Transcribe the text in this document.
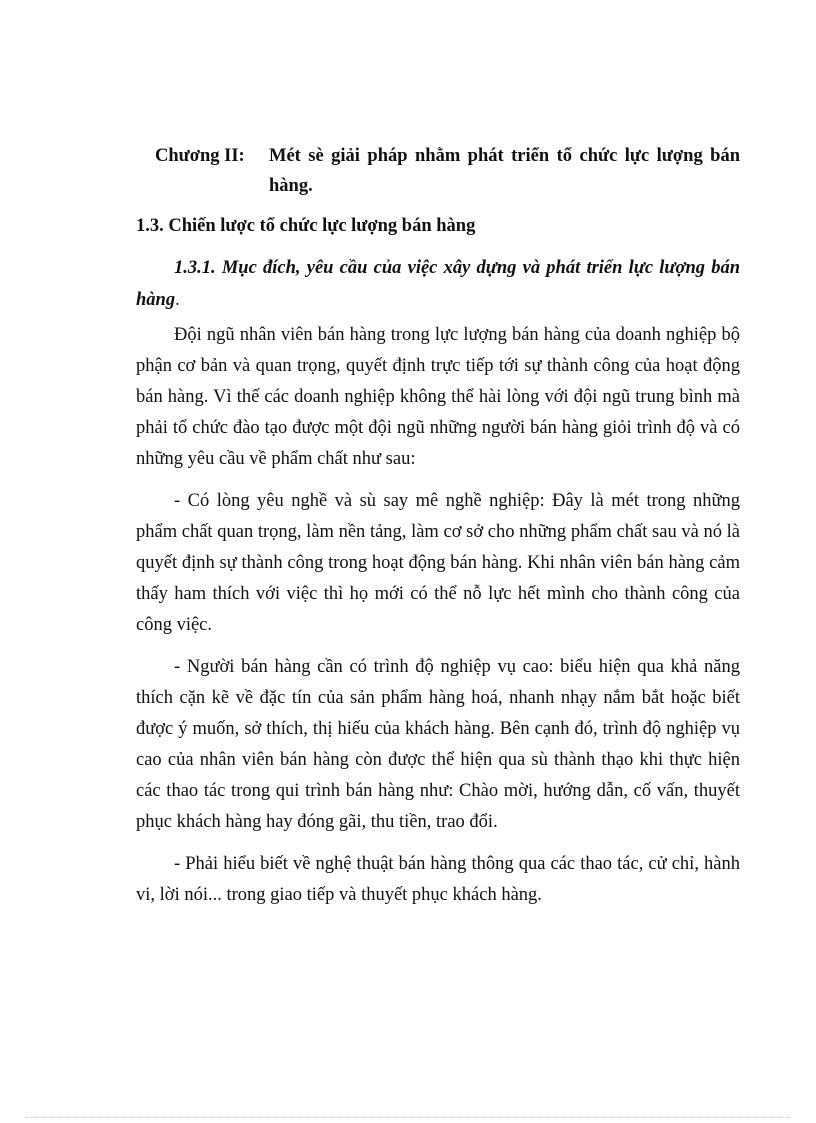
Chương II: Mét sè giải pháp nhằm phát triển tổ chức lực lượng bán hàng.
1.3. Chiến lược tổ chức lực lượng bán hàng

1.3.1. Mục đích, yêu cầu của việc xây dựng và phát triển lực lượng bán hàng.

Đội ngũ nhân viên bán hàng trong lực lượng bán hàng của doanh nghiệp bộ phận cơ bản và quan trọng, quyết định trực tiếp tới sự thành công của hoạt động bán hàng. Vì thế các doanh nghiệp không thể hài lòng với đội ngũ trung bình mà phải tổ chức đào tạo được một đội ngũ những người bán hàng giỏi trình độ và có những yêu cầu về phẩm chất như sau:

- Có lòng yêu nghề và sù say mê nghề nghiệp: Đây là mét trong những phẩm chất quan trọng, làm nền tảng, làm cơ sở cho những phẩm chất sau và nó là quyết định sự thành công trong hoạt động bán hàng. Khi nhân viên bán hàng cảm thấy ham thích với việc thì họ mới có thể nỗ lực hết mình cho thành công của công việc.

- Người bán hàng cần có trình độ nghiệp vụ cao: biểu hiện qua khả năng thích cặn kẽ về đặc tín của sản phẩm hàng hoá, nhanh nhạy nắm bắt hoặc biết được ý muốn, sở thích, thị hiếu của khách hàng. Bên cạnh đó, trình độ nghiệp vụ cao của nhân viên bán hàng còn được thể hiện qua sù thành thạo khi thực hiện các thao tác trong qui trình bán hàng như: Chào mời, hướng dẫn, cố vấn, thuyết phục khách hàng hay đóng gãi, thu tiền, trao đổi.

- Phải hiểu biết về nghệ thuật bán hàng thông qua các thao tác, cử chỉ, hành vi, lời nói... trong giao tiếp và thuyết phục khách hàng.
